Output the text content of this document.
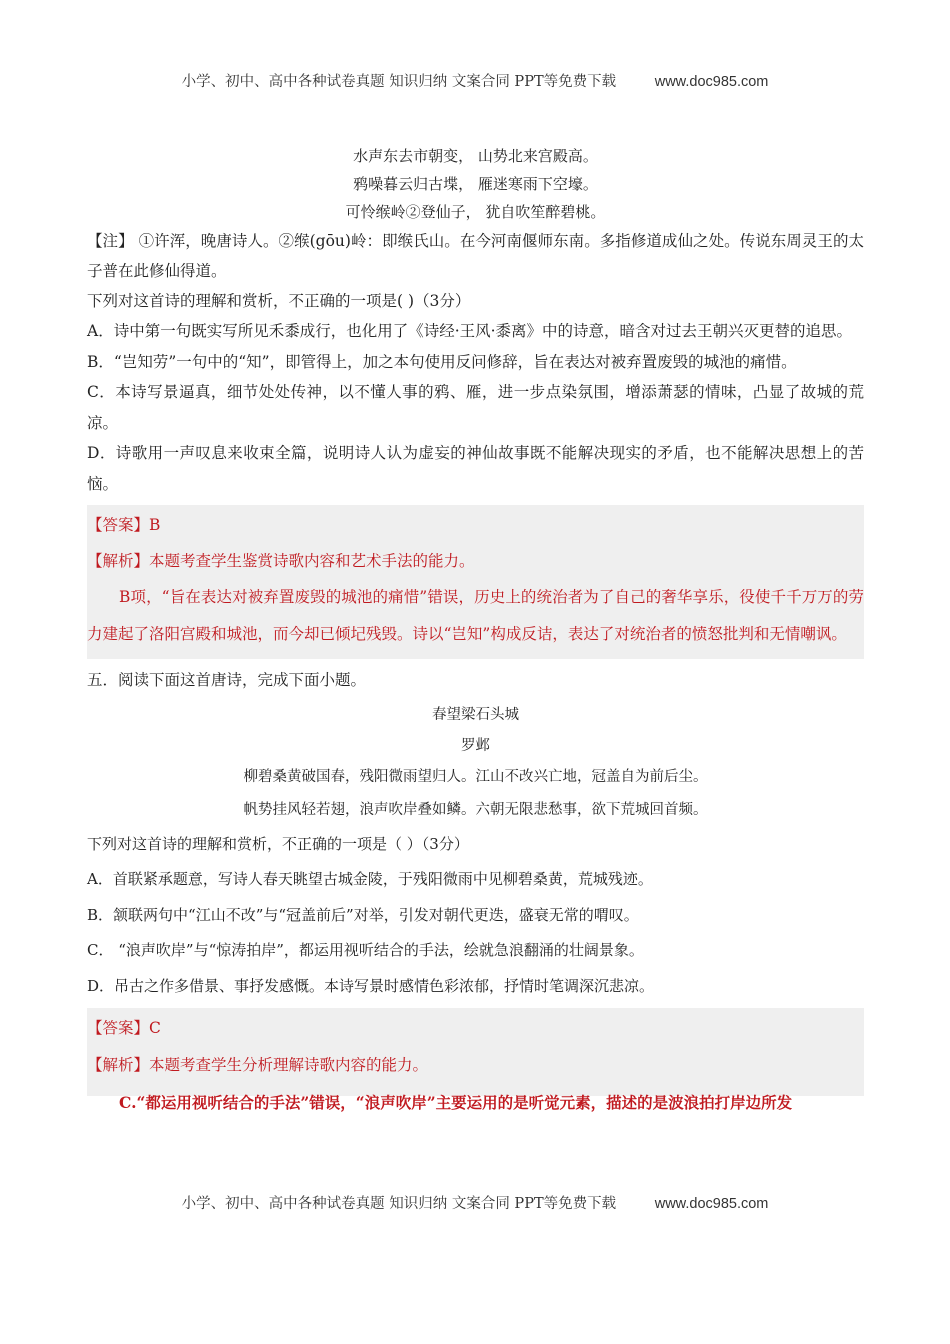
小学、初中、高中各种试卷真题 知识归纳 文案合同 PPT等免费下载	www.doc985.com
水声东去市朝变， 山势北来宫殿高。
鸦噪暮云归古堞， 雁迷寒雨下空壕。
可怜缑岭②登仙子， 犹自吹笙醉碧桃。

【注】 ①许浑，晚唐诗人。②缑(gōu)岭：即缑氏山。在今河南偃师东南。多指修道成仙之处。传说东周灵王的太子普在此修仙得道。

下列对这首诗的理解和赏析，不正确的一项是( )（3分）

A．诗中第一句既实写所见禾黍成行，也化用了《诗经·王风·黍离》中的诗意，暗含对过去王朝兴灭更替的追思。

B．“岂知劳”一句中的“知”，即管得上，加之本句使用反问修辞，旨在表达对被弃置废毁的城池的痛惜。

C．本诗写景逼真，细节处处传神，以不懂人事的鸦、雁，进一步点染氛围，增添萧瑟的情味，凸显了故城的荒凉。

D．诗歌用一声叹息来收束全篇，说明诗人认为虚妄的神仙故事既不能解决现实的矛盾，也不能解决思想上的苦恼。

【答案】B

【解析】本题考查学生鉴赏诗歌内容和艺术手法的能力。

B项，“旨在表达对被弃置废毁的城池的痛惜”错误，历史上的统治者为了自己的奢华享乐，役使千千万万的劳力建起了洛阳宫殿和城池，而今却已倾圮残毁。诗以“岂知”构成反诘，表达了对统治者的愤怒批判和无情嘲讽。

五．阅读下面这首唐诗，完成下面小题。

春望梁石头城
罗邺
柳碧桑黄破国春，残阳微雨望归人。江山不改兴亡地，冠盖自为前后尘。
帆势挂风轻若翅，浪声吹岸叠如鳞。六朝无限悲愁事，欲下荒城回首频。

下列对这首诗的理解和赏析，不正确的一项是（ ）（3分）

A．首联紧承题意，写诗人春天眺望古城金陵，于残阳微雨中见柳碧桑黄，荒城残迹。

B．颔联两句中“江山不改”与“冠盖前后”对举，引发对朝代更迭，盛衰无常的喟叹。

C． “浪声吹岸”与“惊涛拍岸”，都运用视听结合的手法，绘就急浪翻涌的壮阔景象。

D．吊古之作多借景、事抒发感慨。本诗写景时感情色彩浓郁，抒情时笔调深沉悲凉。

【答案】C

【解析】本题考查学生分析理解诗歌内容的能力。

C.“都运用视听结合的手法”错误，“浪声吹岸”主要运用的是听觉元素，描述的是波浪拍打岸边所发

小学、初中、高中各种试卷真题 知识归纳 文案合同 PPT等免费下载	www.doc985.com
